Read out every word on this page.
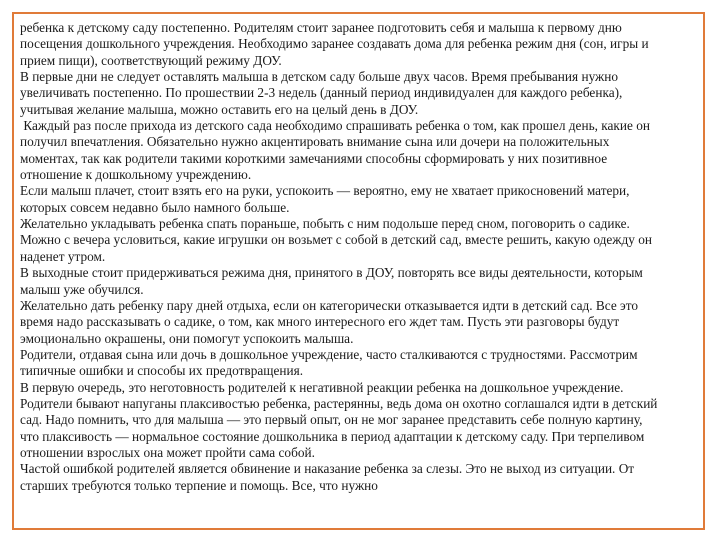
ребенка к детскому саду постепенно. Родителям стоит заранее подготовить себя и малыша к первому дню
посещения дошкольного учреждения. Необходимо заранее создавать дома для ребенка режим дня (сон, игры и
прием пищи), соответствующий режиму ДОУ.
В первые дни не следует оставлять малыша в детском саду больше двух часов. Время пребывания нужно
увеличивать постепенно. По прошествии 2-3 недель (данный период индивидуален для каждого ребенка),
учитывая желание малыша, можно оставить его на целый день в ДОУ.
Каждый раз после прихода из детского сада необходимо спрашивать ребенка о том, как прошел день, какие он
получил впечатления. Обязательно нужно акцентировать внимание сына или дочери на положительных
моментах, так как родители такими короткими замечаниями способны сформировать у них позитивное
отношение к дошкольному учреждению.
Если малыш плачет, стоит взять его на руки, успокоить — вероятно, ему не хватает прикосновений матери,
которых совсем недавно было намного больше.
Желательно укладывать ребенка спать пораньше, побыть с ним подольше перед сном, поговорить о садике.
Можно с вечера условиться, какие игрушки он возьмет с собой в детский сад, вместе решить, какую одежду он
наденет утром.
В выходные стоит придерживаться режима дня, принятого в ДОУ, повторять все виды деятельности, которым
малыш уже обучился.
Желательно дать ребенку пару дней отдыха, если он категорически отказывается идти в детский сад. Все это
время надо рассказывать о садике, о том, как много интересного его ждет там. Пусть эти разговоры будут
эмоционально окрашены, они помогут успокоить малыша.
Родители, отдавая сына или дочь в дошкольное учреждение, часто сталкиваются с трудностями. Рассмотрим
типичные ошибки и способы их предотвращения.
В первую очередь, это неготовность родителей к негативной реакции ребенка на дошкольное учреждение.
Родители бывают напуганы плаксивостью ребенка, растерянны, ведь дома он охотно соглашался идти в детский
сад. Надо помнить, что для малыша — это первый опыт, он не мог заранее представить себе полную картину,
что плаксивость — нормальное состояние дошкольника в период адаптации к детскому саду. При терпеливом
отношении взрослых она может пройти сама собой.
Частой ошибкой родителей является обвинение и наказание ребенка за слезы. Это не выход из ситуации. От
старших требуются только терпение и помощь. Все, что нужно
